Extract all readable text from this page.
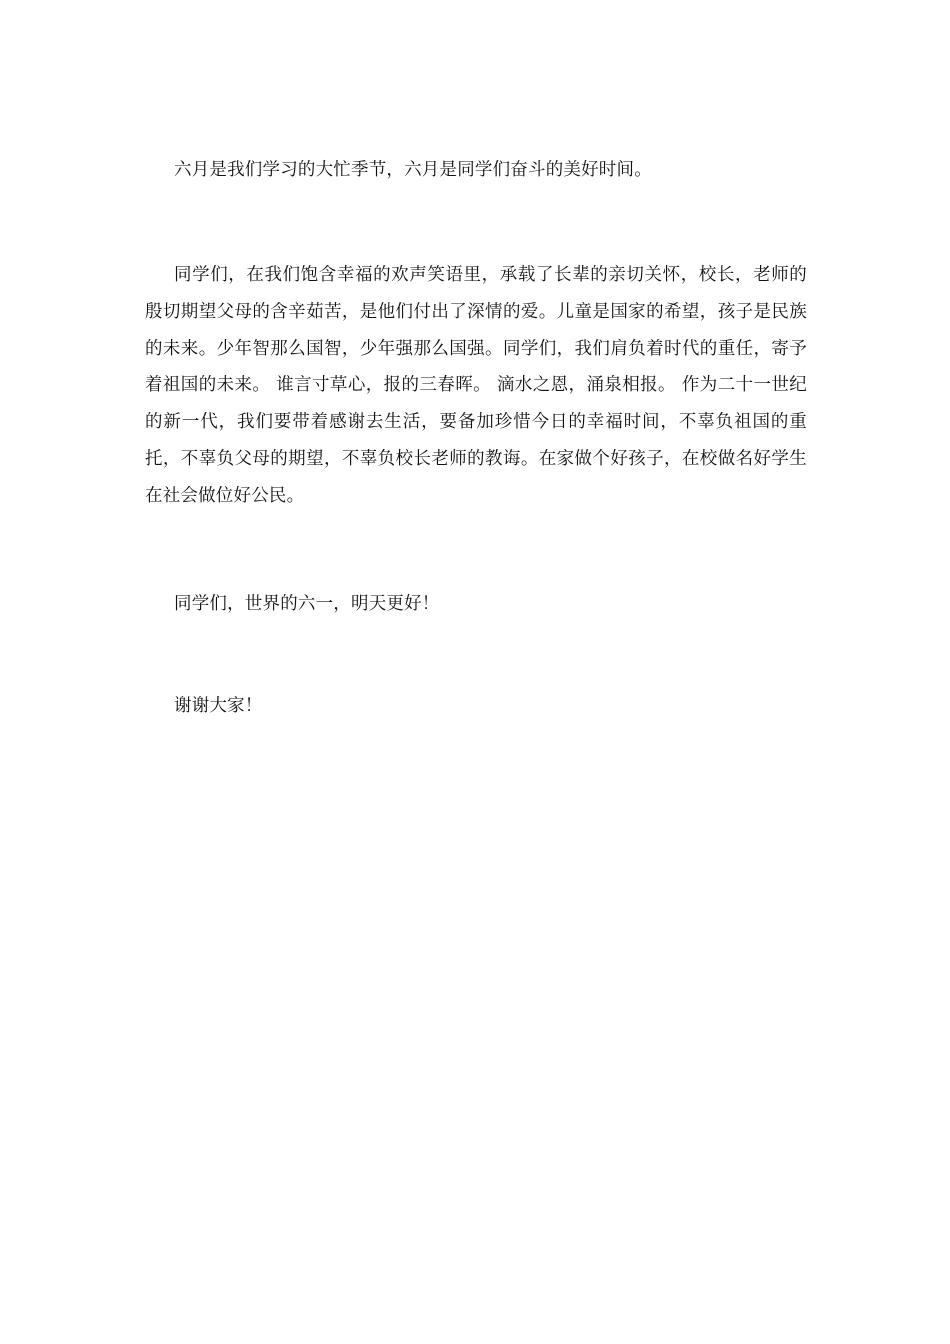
六月是我们学习的大忙季节，六月是同学们奋斗的美好时间。

同学们，在我们饱含幸福的欢声笑语里，承载了长辈的亲切关怀，校长，老师的殷切期望父母的含辛茹苦，是他们付出了深情的爱。儿童是国家的希望，孩子是民族的未来。少年智那么国智，少年强那么国强。同学们，我们肩负着时代的重任，寄予着祖国的未来。 谁言寸草心，报的三春晖。 滴水之恩，涌泉相报。 作为二十一世纪的新一代，我们要带着感谢去生活，要备加珍惜今日的幸福时间，不辜负祖国的重托，不辜负父母的期望，不辜负校长老师的教诲。在家做个好孩子，在校做名好学生在社会做位好公民。

同学们，世界的六一，明天更好！

谢谢大家！
